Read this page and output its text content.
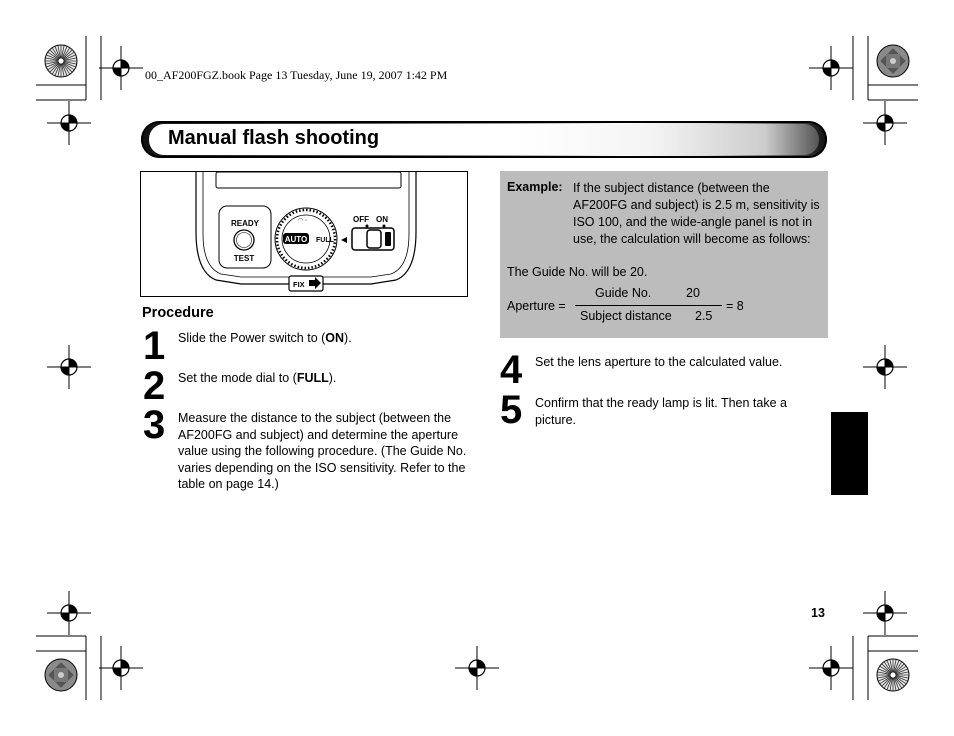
00_AF200FGZ.book Page 13 Tuesday, June 19, 2007 1:42 PM
Manual flash shooting
READY
TEST
AUTO FULL
◠ ◦	OFF ON
FIX
Procedure
1 Slide the Power switch to (ON).
2 Set the mode dial to (FULL).
3 Measure the distance to the subject (between the AF200FG and subject) and determine the aperture value using the following procedure. (The Guide No. varies depending on the ISO sensitivity. Refer to the table on page 14.)
Example: If the subject distance (between the AF200FG and subject) is 2.5 m, sensitivity is ISO 100, and the wide-angle panel is not in use, the calculation will become as follows:
The Guide No. will be 20.
Aperture =
Guide No.	20
Subject distance 2.5
= 8
4 Set the lens aperture to the calculated value.
5 Confirm that the ready lamp is lit. Then take a picture.
13
